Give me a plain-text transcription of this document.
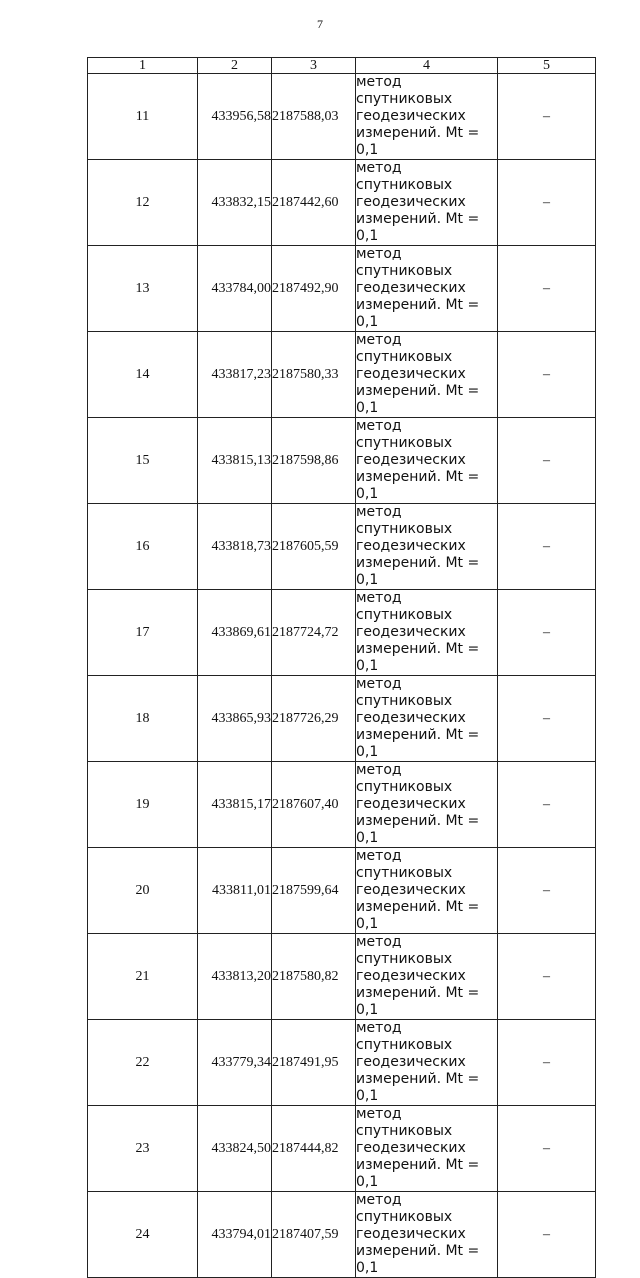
7
1	2	3	4	5
11	433956,58	2187588,03	метод спутниковых
геодезических
измерений. Mt = 0,1	–
12	433832,15	2187442,60	метод спутниковых
геодезических
измерений. Mt = 0,1	–
13	433784,00	2187492,90	метод спутниковых
геодезических
измерений. Mt = 0,1	–
14	433817,23	2187580,33	метод спутниковых
геодезических
измерений. Mt = 0,1	–
15	433815,13	2187598,86	метод спутниковых
геодезических
измерений. Mt = 0,1	–
16	433818,73	2187605,59	метод спутниковых
геодезических
измерений. Mt = 0,1	–
17	433869,61	2187724,72	метод спутниковых
геодезических
измерений. Mt = 0,1	–
18	433865,93	2187726,29	метод спутниковых
геодезических
измерений. Mt = 0,1	–
19	433815,17	2187607,40	метод спутниковых
геодезических
измерений. Mt = 0,1	–
20	433811,01	2187599,64	метод спутниковых
геодезических
измерений. Mt = 0,1	–
21	433813,20	2187580,82	метод спутниковых
геодезических
измерений. Mt = 0,1	–
22	433779,34	2187491,95	метод спутниковых
геодезических
измерений. Mt = 0,1	–
23	433824,50	2187444,82	метод спутниковых
геодезических
измерений. Mt = 0,1	–
24	433794,01	2187407,59	метод спутниковых
геодезических
измерений. Mt = 0,1	–
